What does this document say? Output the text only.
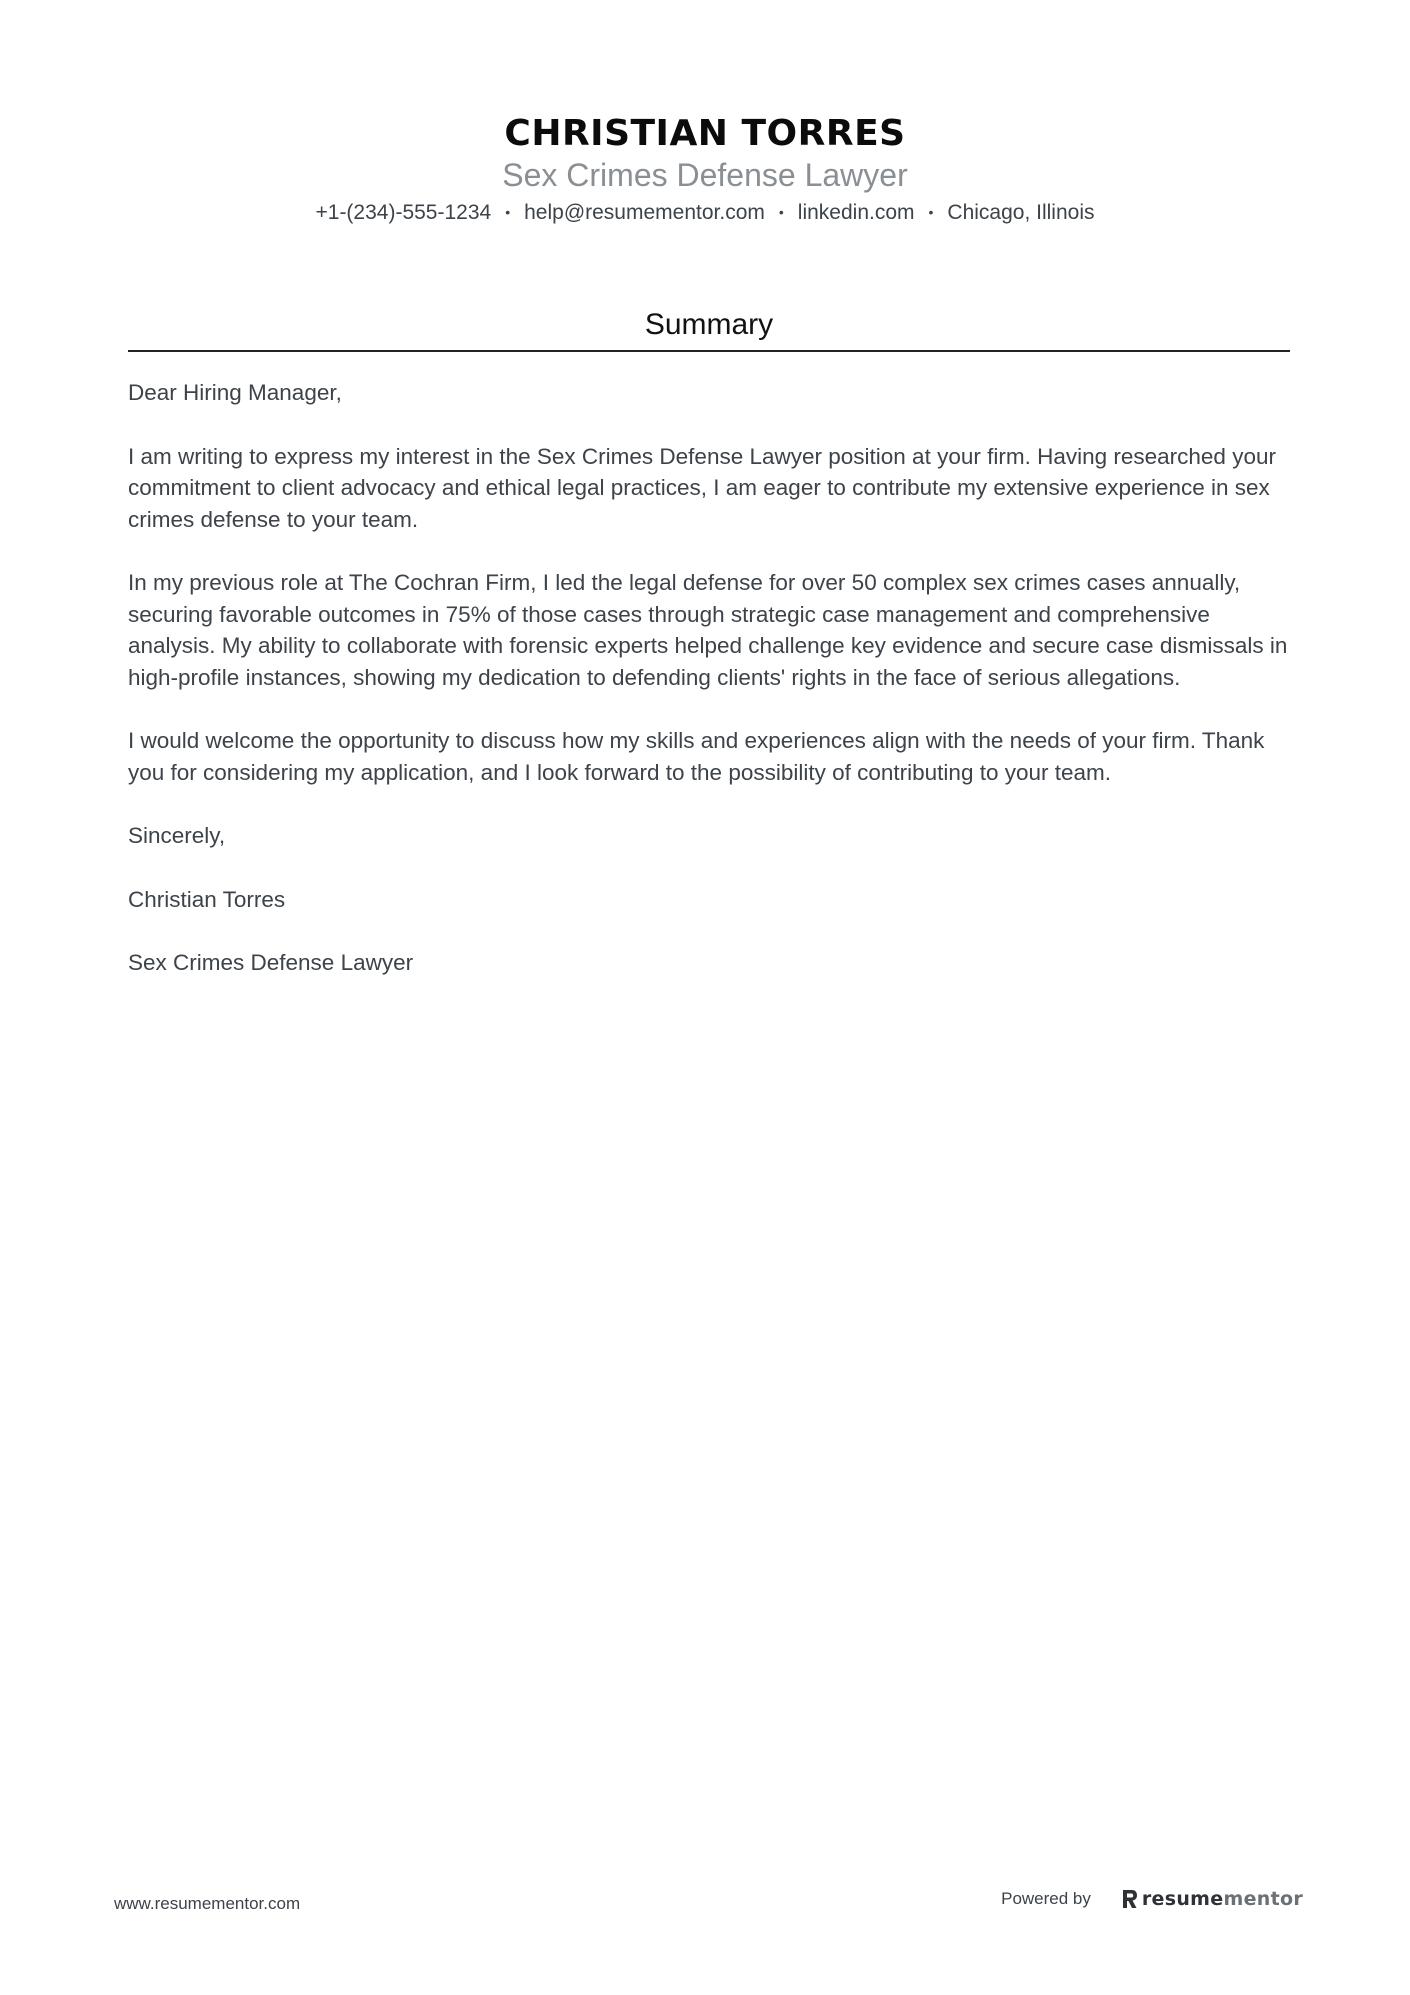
CHRISTIAN TORRES
Sex Crimes Defense Lawyer
+1-(234)-555-1234 • help@resumementor.com • linkedin.com • Chicago, Illinois
Summary

Dear Hiring Manager,

I am writing to express my interest in the Sex Crimes Defense Lawyer position at your firm. Having researched your commitment to client advocacy and ethical legal practices, I am eager to contribute my extensive experience in sex crimes defense to your team.

In my previous role at The Cochran Firm, I led the legal defense for over 50 complex sex crimes cases annually, securing favorable outcomes in 75% of those cases through strategic case management and comprehensive analysis. My ability to collaborate with forensic experts helped challenge key evidence and secure case dismissals in high-profile instances, showing my dedication to defending clients' rights in the face of serious allegations.

I would welcome the opportunity to discuss how my skills and experiences align with the needs of your firm. Thank you for considering my application, and I look forward to the possibility of contributing to your team.

Sincerely,

Christian Torres

Sex Crimes Defense Lawyer

www.resumementor.com	Powered by	resumementor
